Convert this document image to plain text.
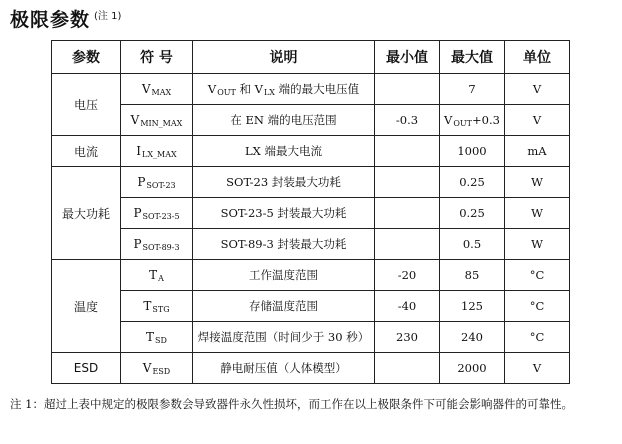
极限参数 $^{(注 1)}$
参数	符 号	说明	最小值	最大值	单位
电压	$V_{MAX}$	$V_{OUT}$ 和 $V_{LX}$ 端的最大电压值		7	V
	$V_{MIN\_MAX}$	在 EN 端的电压范围	-0.3	$V_{OUT}+0.3$	V
电流	$I_{LX\_MAX}$	LX 端最大电流		1000	mA
最大功耗	$P_{SOT-23}$	SOT-23 封装最大功耗		0.25	W
	$P_{SOT-23-5}$	SOT-23-5 封装最大功耗		0.25	W
	$P_{SOT-89-3}$	SOT-89-3 封装最大功耗		0.5	W
温度	$T_A$	工作温度范围	-20	85	°C
	$T_{STG}$	存储温度范围	-40	125	°C
	$T_{SD}$	焊接温度范围（时间少于 30 秒）	230	240	°C
ESD	$V_{ESD}$	静电耐压值（人体模型）		2000	V
注 1：超过上表中规定的极限参数会导致器件永久性损坏，而工作在以上极限条件下可能会影响器件的可靠性。
